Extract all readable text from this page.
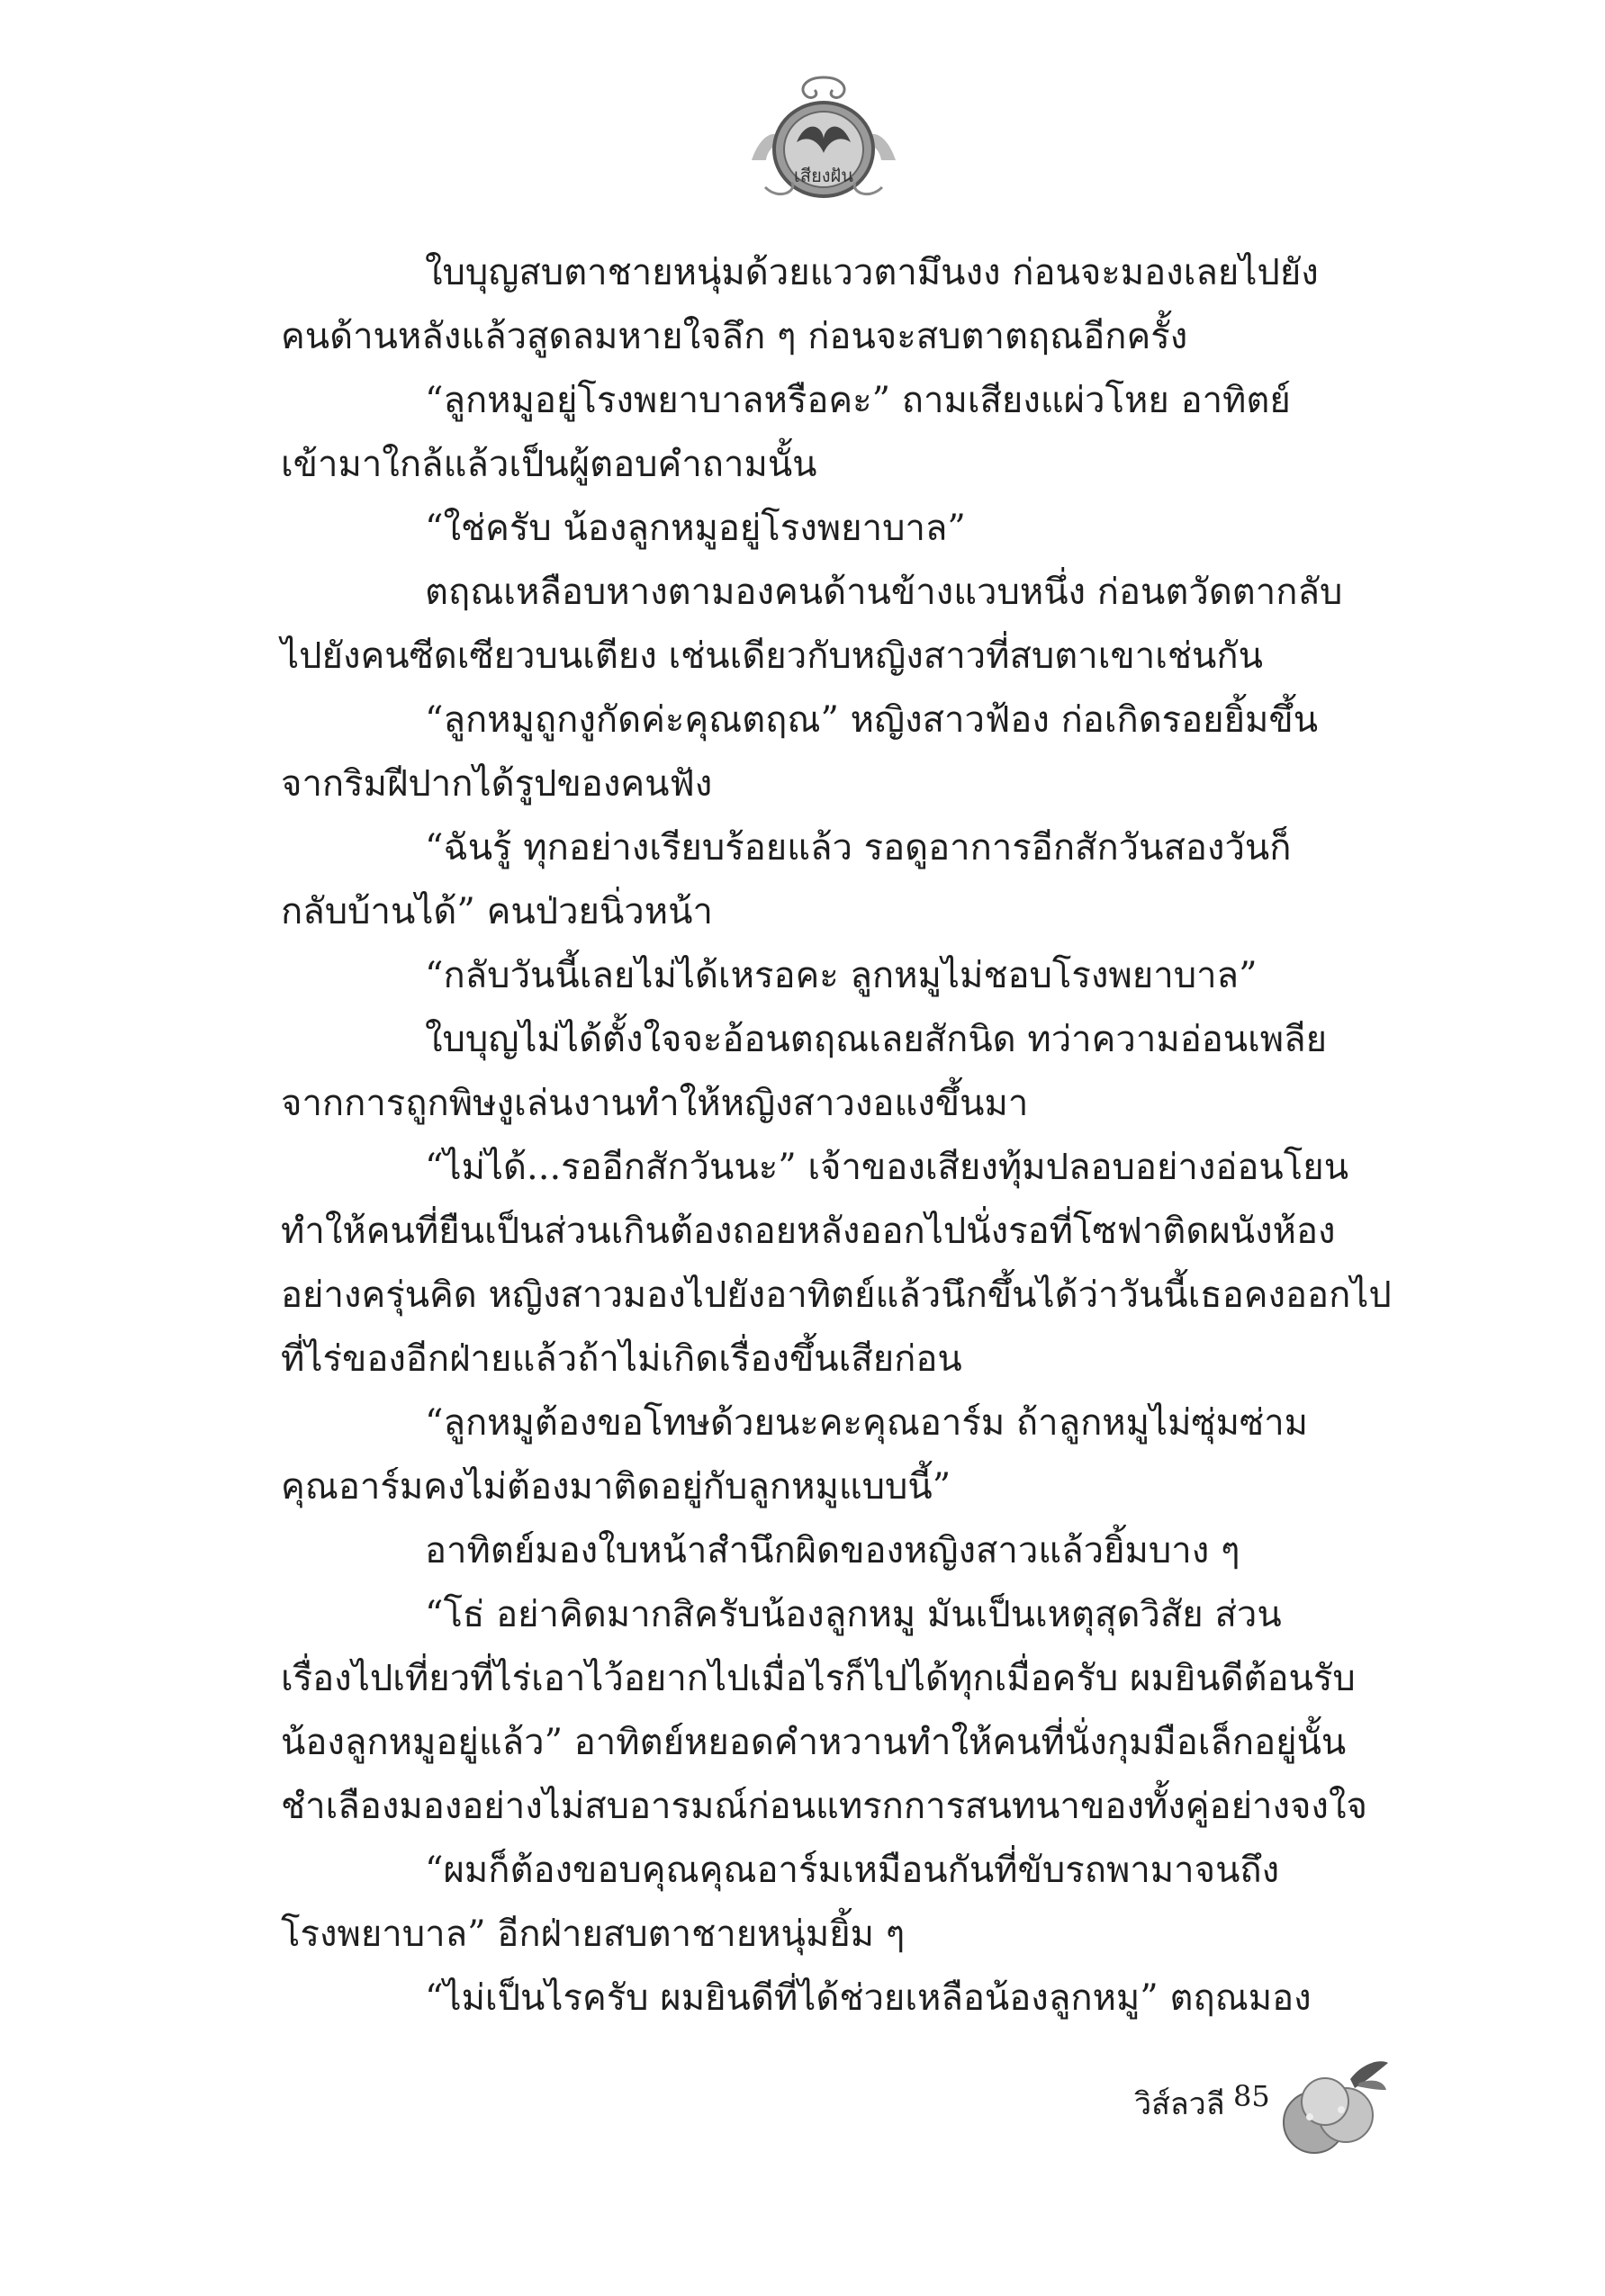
เสียงฝัน
ใบบุญสบตาชายหนุ่มด้วยแววตามึนงง ก่อนจะมองเลยไปยัง
คนด้านหลังแล้วสูดลมหายใจลึก ๆ ก่อนจะสบตาตฤณอีกครั้ง
“ลูกหมูอยู่โรงพยาบาลหรือคะ” ถามเสียงแผ่วโหย อาทิตย์
เข้ามาใกล้แล้วเป็นผู้ตอบคำถามนั้น
“ใช่ครับ น้องลูกหมูอยู่โรงพยาบาล”
ตฤณเหลือบหางตามองคนด้านข้างแวบหนึ่ง ก่อนตวัดตากลับ
ไปยังคนซีดเซียวบนเตียง เช่นเดียวกับหญิงสาวที่สบตาเขาเช่นกัน
“ลูกหมูถูกงูกัดค่ะคุณตฤณ” หญิงสาวฟ้อง ก่อเกิดรอยยิ้มขึ้น
จากริมฝีปากได้รูปของคนฟัง
“ฉันรู้ ทุกอย่างเรียบร้อยแล้ว รอดูอาการอีกสักวันสองวันก็
กลับบ้านได้” คนป่วยนิ่วหน้า
“กลับวันนี้เลยไม่ได้เหรอคะ ลูกหมูไม่ชอบโรงพยาบาล”
ใบบุญไม่ได้ตั้งใจจะอ้อนตฤณเลยสักนิด ทว่าความอ่อนเพลีย
จากการถูกพิษงูเล่นงานทำให้หญิงสาวงอแงขึ้นมา
“ไม่ได้...รออีกสักวันนะ” เจ้าของเสียงทุ้มปลอบอย่างอ่อนโยน
ทำให้คนที่ยืนเป็นส่วนเกินต้องถอยหลังออกไปนั่งรอที่โซฟาติดผนังห้อง
อย่างครุ่นคิด หญิงสาวมองไปยังอาทิตย์แล้วนึกขึ้นได้ว่าวันนี้เธอคงออกไป
ที่ไร่ของอีกฝ่ายแล้วถ้าไม่เกิดเรื่องขึ้นเสียก่อน
“ลูกหมูต้องขอโทษด้วยนะคะคุณอาร์ม ถ้าลูกหมูไม่ซุ่มซ่าม
คุณอาร์มคงไม่ต้องมาติดอยู่กับลูกหมูแบบนี้”
อาทิตย์มองใบหน้าสำนึกผิดของหญิงสาวแล้วยิ้มบาง ๆ
“โธ่ อย่าคิดมากสิครับน้องลูกหมู มันเป็นเหตุสุดวิสัย ส่วน
เรื่องไปเที่ยวที่ไร่เอาไว้อยากไปเมื่อไรก็ไปได้ทุกเมื่อครับ ผมยินดีต้อนรับ
น้องลูกหมูอยู่แล้ว” อาทิตย์หยอดคำหวานทำให้คนที่นั่งกุมมือเล็กอยู่นั้น
ชำเลืองมองอย่างไม่สบอารมณ์ก่อนแทรกการสนทนาของทั้งคู่อย่างจงใจ
“ผมก็ต้องขอบคุณคุณอาร์มเหมือนกันที่ขับรถพามาจนถึง
โรงพยาบาล” อีกฝ่ายสบตาชายหนุ่มยิ้ม ๆ
“ไม่เป็นไรครับ ผมยินดีที่ได้ช่วยเหลือน้องลูกหมู” ตฤณมอง
วิส์ลวลี 85
